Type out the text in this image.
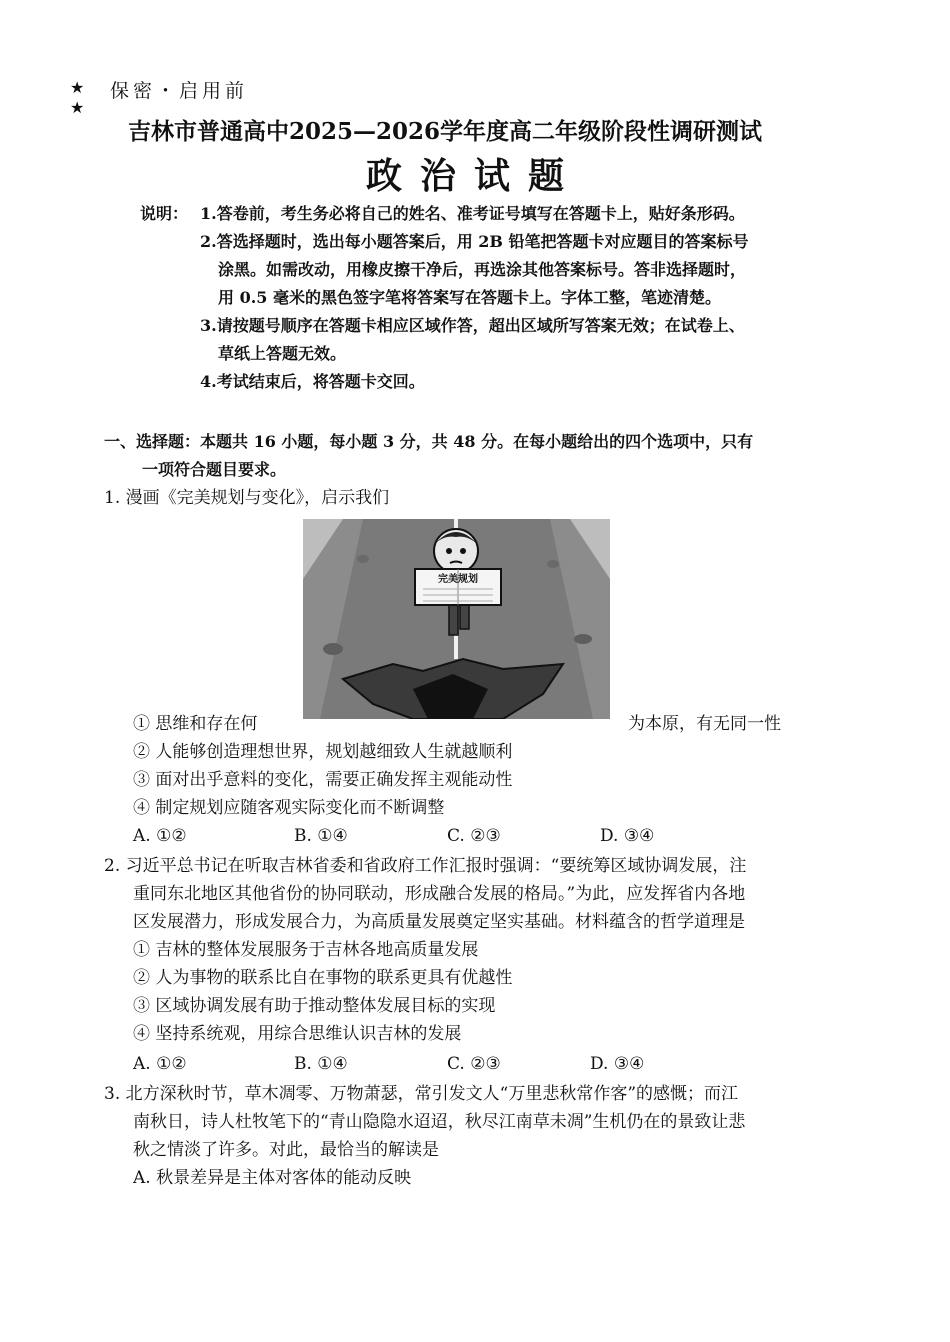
★
★
保密・启用前
吉林市普通高中2025—2026学年度高二年级阶段性调研测试
政治试题
说明： 1.答卷前，考生务必将自己的姓名、准考证号填写在答题卡上，贴好条形码。
2.答选择题时，选出每小题答案后，用 2B 铅笔把答题卡对应题目的答案标号
涂黑。如需改动，用橡皮擦干净后，再选涂其他答案标号。答非选择题时，
用 0.5 毫米的黑色签字笔将答案写在答题卡上。字体工整，笔迹清楚。
3.请按题号顺序在答题卡相应区域作答，超出区域所写答案无效；在试卷上、
草纸上答题无效。
4.考试结束后，将答题卡交回。
一、选择题：本题共 16 小题，每小题 3 分，共 48 分。在每小题给出的四个选项中，只有
一项符合题目要求。
1. 漫画《完美规划与变化》，启示我们
完美规划
① 思维和存在何	为本原，有无同一性
② 人能够创造理想世界，规划越细致人生就越顺利
③ 面对出乎意料的变化，需要正确发挥主观能动性
④ 制定规划应随客观实际变化而不断调整
A. ①②	B. ①④	C. ②③	D. ③④
2. 习近平总书记在听取吉林省委和省政府工作汇报时强调：“要统筹区域协调发展，注
重同东北地区其他省份的协同联动，形成融合发展的格局。”为此，应发挥省内各地
区发展潜力，形成发展合力，为高质量发展奠定坚实基础。材料蕴含的哲学道理是
① 吉林的整体发展服务于吉林各地高质量发展
② 人为事物的联系比自在事物的联系更具有优越性
③ 区域协调发展有助于推动整体发展目标的实现
④ 坚持系统观，用综合思维认识吉林的发展
A. ①②	B. ①④	C. ②③	D. ③④
3. 北方深秋时节，草木凋零、万物萧瑟，常引发文人“万里悲秋常作客”的感慨；而江
南秋日，诗人杜牧笔下的“青山隐隐水迢迢，秋尽江南草未凋”生机仍在的景致让悲
秋之情淡了许多。对此，最恰当的解读是
A. 秋景差异是主体对客体的能动反映
